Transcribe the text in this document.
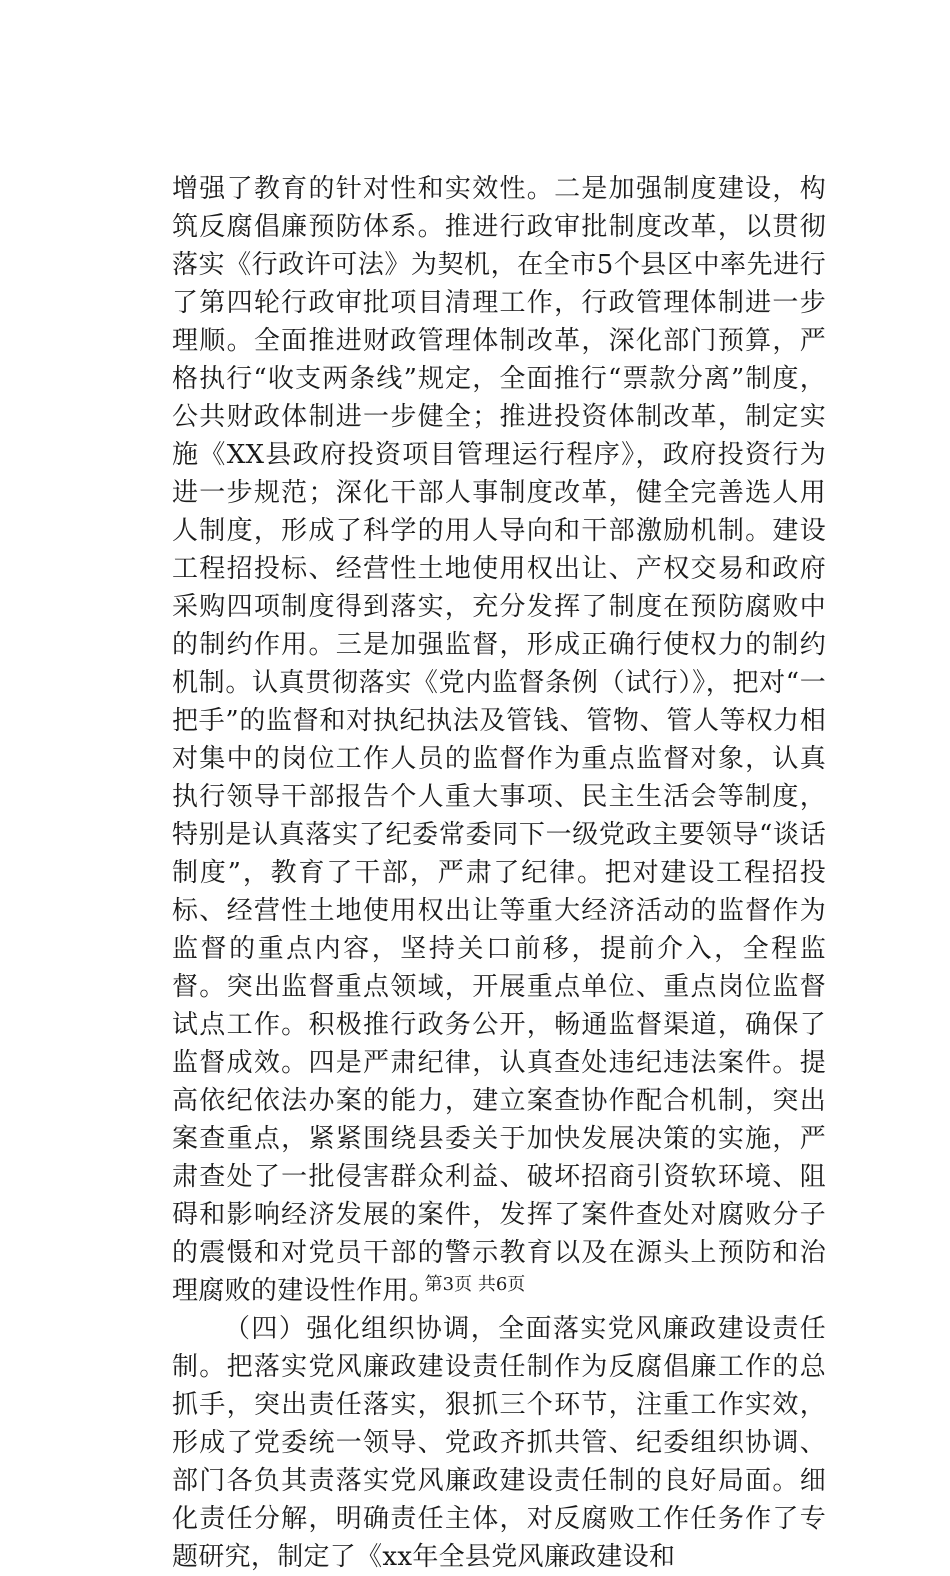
增强了教育的针对性和实效性。二是加强制度建设，构筑反腐倡廉预防体系。推进行政审批制度改革，以贯彻落实《行政许可法》为契机，在全市5个县区中率先进行了第四轮行政审批项目清理工作，行政管理体制进一步理顺。全面推进财政管理体制改革，深化部门预算，严格执行“收支两条线”规定，全面推行“票款分离”制度，公共财政体制进一步健全；推进投资体制改革，制定实施《XX县政府投资项目管理运行程序》，政府投资行为进一步规范；深化干部人事制度改革，健全完善选人用人制度，形成了科学的用人导向和干部激励机制。建设工程招投标、经营性土地使用权出让、产权交易和政府采购四项制度得到落实，充分发挥了制度在预防腐败中的制约作用。三是加强监督，形成正确行使权力的制约机制。认真贯彻落实《党内监督条例（试行）》，把对“一把手”的监督和对执纪执法及管钱、管物、管人等权力相对集中的岗位工作人员的监督作为重点监督对象，认真执行领导干部报告个人重大事项、民主生活会等制度，特别是认真落实了纪委常委同下一级党政主要领导“谈话制度”，教育了干部，严肃了纪律。把对建设工程招投标、经营性土地使用权出让等重大经济活动的监督作为监督的重点内容，坚持关口前移，提前介入，全程监督。突出监督重点领域，开展重点单位、重点岗位监督试点工作。积极推行政务公开，畅通监督渠道，确保了监督成效。四是严肃纪律，认真查处违纪违法案件。提高依纪依法办案的能力，建立案查协作配合机制，突出案查重点，紧紧围绕县委关于加快发展决策的实施，严肃查处了一批侵害群众利益、破坏招商引资软环境、阻碍和影响经济发展的案件，发挥了案件查处对腐败分子的震慑和对党员干部的警示教育以及在源头上预防和治理腐败的建设性作用。

（四）强化组织协调，全面落实党风廉政建设责任制。把落实党风廉政建设责任制作为反腐倡廉工作的总抓手，突出责任落实，狠抓三个环节，注重工作实效，形成了党委统一领导、党政齐抓共管、纪委组织协调、部门各负其责落实党风廉政建设责任制的良好局面。细化责任分解，明确责任主体，对反腐败工作任务作了专题研究，制定了《xx年全县党风廉政建设和

第3页 共6页
